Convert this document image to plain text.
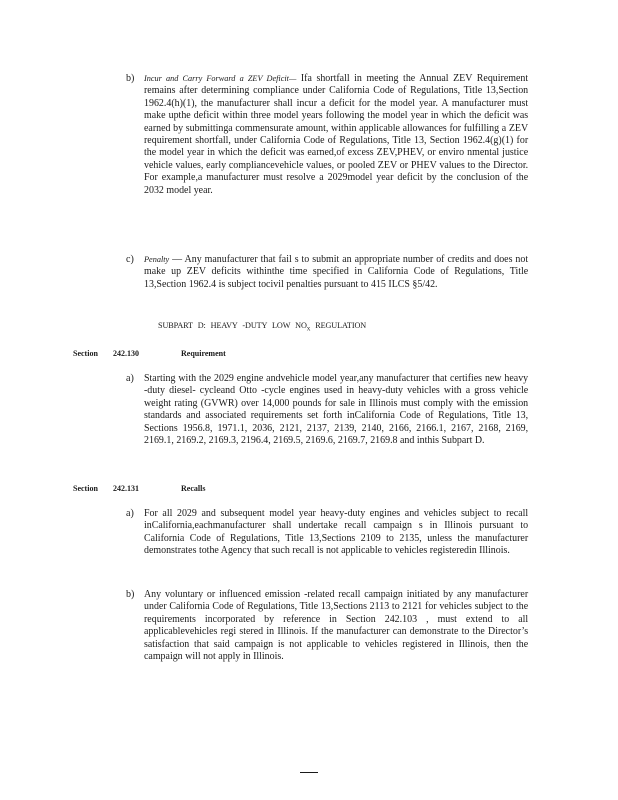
b) Incur and Carry Forward a ZEV Deficit— Ifa shortfall in meeting the Annual ZEV Requirement remains after determining compliance under California Code of Regulations, Title 13,Section 1962.4(h)(1), the manufacturer shall incur a deficit for the model year. A manufacturer must make upthe deficit within three model years following the model year in which the deficit was earned by submittinga commensurate amount, within applicable allowances for fulfilling a ZEV requirement shortfall, under California Code of Regulations, Title 13, Section 1962.4(g)(1) for the model year in which the deficit was earned,of excess ZEV,PHEV, or enviro nmental justice vehicle values, early compliancevehicle values, or pooled ZEV or PHEV values to the Director. For example,a manufacturer must resolve a 2029model year deficit by the conclusion of the 2032 model year.
c) Penalty — Any manufacturer that fail s to submit an appropriate number of credits and does not make up ZEV deficits withinthe time specified in California Code of Regulations, Title 13,Section 1962.4 is subject tocivil penalties pursuant to 415 ILCS §5/42.
SUBPART D: HEAVY -DUTY LOW $NO_X$ REGULATION
Section 242.130	Requirement
a) Starting with the 2029 engine andvehicle model year,any manufacturer that certifies new heavy -duty diesel- cycleand Otto -cycle engines used in heavy-duty vehicles with a gross vehicle weight rating (GVWR) over 14,000 pounds for sale in Illinois must comply with the emission standards and associated requirements set forth inCalifornia Code of Regulations, Title 13, Sections 1956.8, 1971.1, 2036, 2121, 2137, 2139, 2140, 2166, 2166.1, 2167, 2168, 2169, 2169.1, 2169.2, 2169.3, 2196.4, 2169.5, 2169.6, 2169.7, 2169.8 and inthis Subpart D.
Section 242.131	Recalls
a) For all 2029 and subsequent model year heavy-duty engines and vehicles subject to recall inCalifornia,eachmanufacturer shall undertake recall campaign s in Illinois pursuant to California Code of Regulations, Title 13,Sections 2109 to 2135, unless the manufacturer demonstrates tothe Agency that such recall is not applicable to vehicles registeredin Illinois.
b) Any voluntary or influenced emission -related recall campaign initiated by any manufacturer under California Code of Regulations, Title 13,Sections 2113 to 2121 for vehicles subject to the requirements incorporated by reference in Section 242.103 , must extend to all applicablevehicles regi stered in Illinois. If the manufacturer can demonstrate to the Director’s satisfaction that said campaign is not applicable to vehicles registered in Illinois, then the campaign will not apply in Illinois.
